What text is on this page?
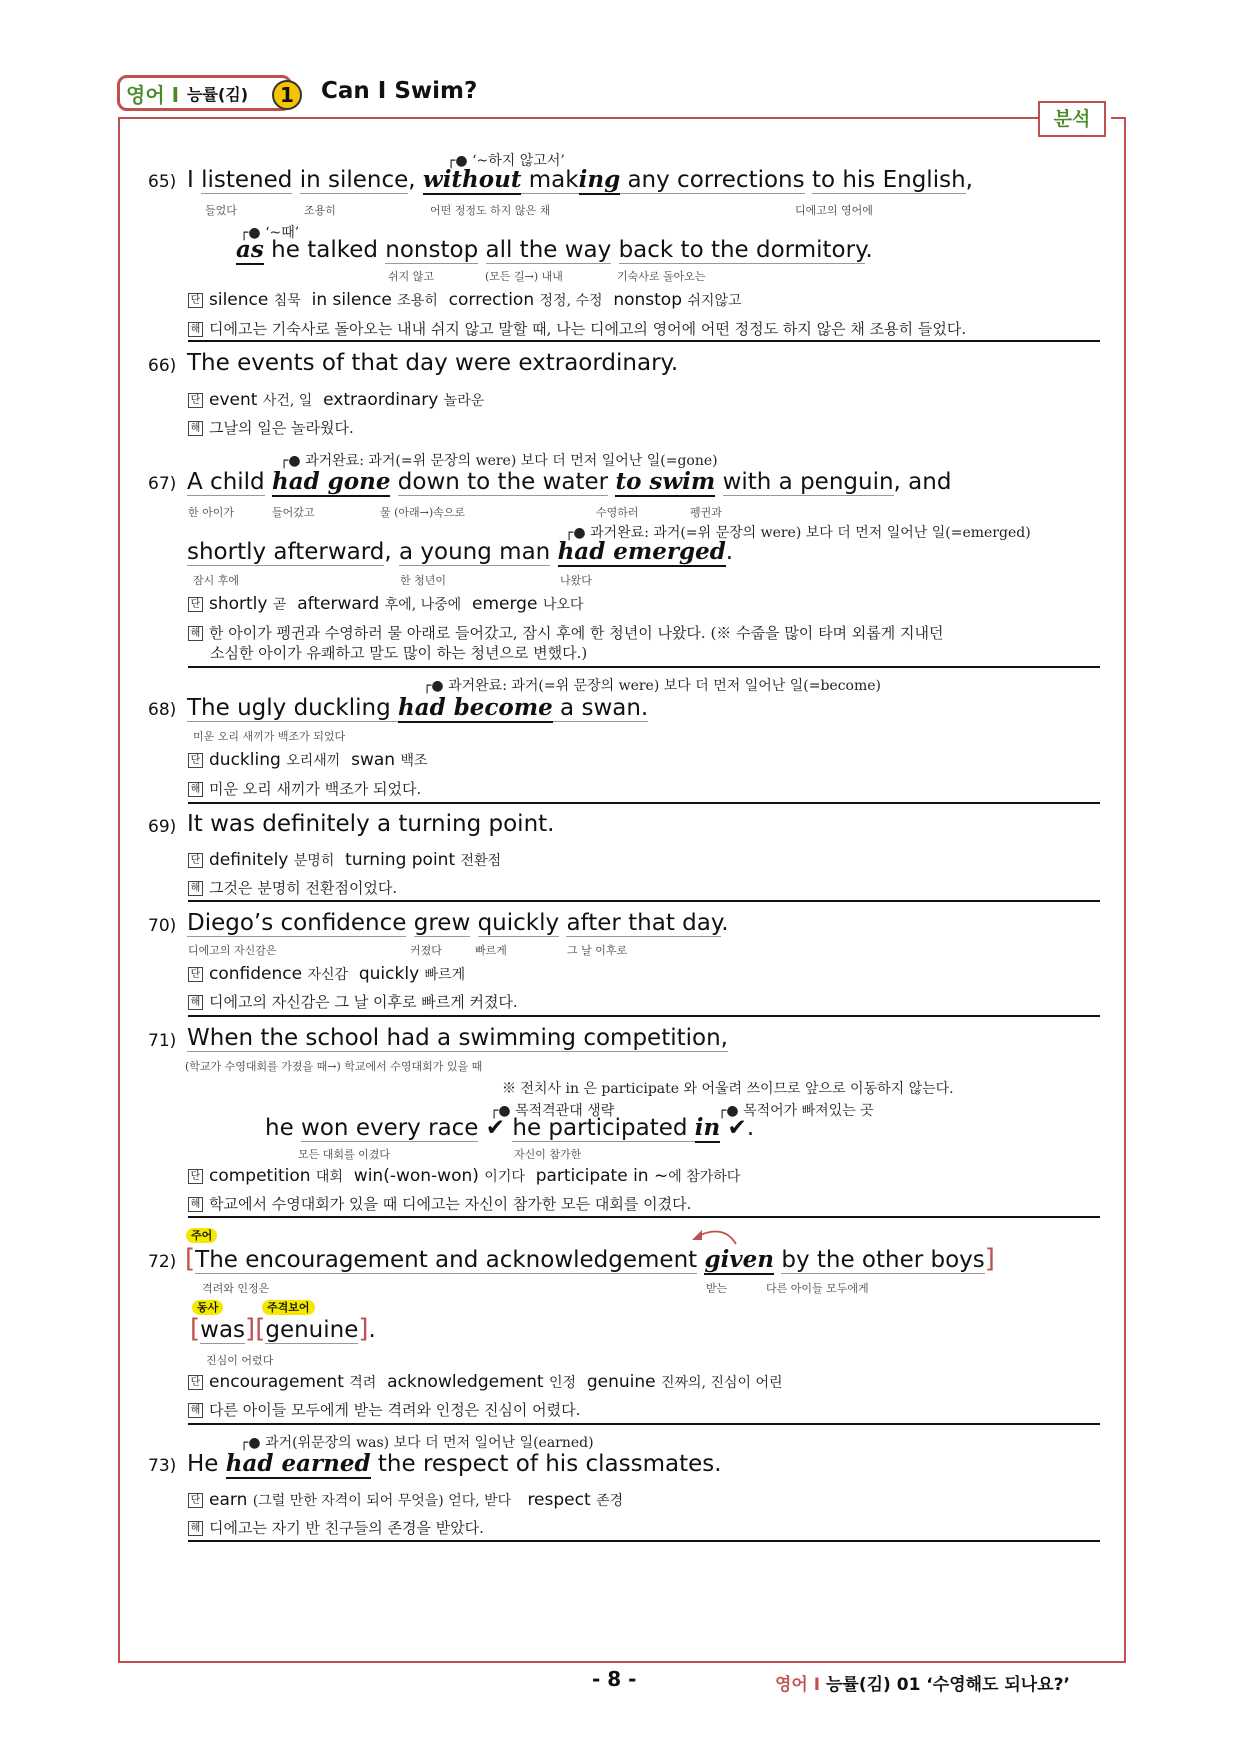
영어 I 능률(김)	1	Can I Swim?
분석
┌● ‘~하지 않고서’
65) I listened in silence, without making any corrections to his English,
들었다	조용히	어떤 정정도 하지 않은 채	디에고의 영어에
┌● ‘~때’
as he talked nonstop all the way back to the dormitory.
쉬지 않고	(모든 길→) 내내	기숙사로 돌아오는
단 silence 침묵 in silence 조용히 correction 정정, 수정 nonstop 쉬지않고
해 디에고는 기숙사로 돌아오는 내내 쉬지 않고 말할 때, 나는 디에고의 영어에 어떤 정정도 하지 않은 채 조용히 들었다.
66) The events of that day were extraordinary.
단 event 사건, 일 extraordinary 놀라운
해 그날의 일은 놀라웠다.
┌● 과거완료: 과거(=위 문장의 were) 보다 더 먼저 일어난 일(=gone)
67) A child had gone down to the water to swim with a penguin, and
한 아이가	들어갔고	물 (아래→)속으로	수영하러	펭귄과
┌● 과거완료: 과거(=위 문장의 were) 보다 더 먼저 일어난 일(=emerged)
shortly afterward, a young man had emerged.
잠시 후에	한 청년이	나왔다
단 shortly 곧 afterward 후에, 나중에 emerge 나오다
해 한 아이가 펭귄과 수영하러 물 아래로 들어갔고, 잠시 후에 한 청년이 나왔다. (※ 수줍을 많이 타며 외롭게 지내던
소심한 아이가 유쾌하고 말도 많이 하는 청년으로 변했다.)
┌● 과거완료: 과거(=위 문장의 were) 보다 더 먼저 일어난 일(=become)
68) The ugly duckling had become a swan.
미운 오리 새끼가 백조가 되었다
단 duckling 오리새끼 swan 백조
해 미운 오리 새끼가 백조가 되었다.
69) It was definitely a turning point.
단 definitely 분명히 turning point 전환점
해 그것은 분명히 전환점이었다.
70) Diego’s confidence grew quickly after that day.
디에고의 자신감은	커졌다	빠르게	그 날 이후로
단 confidence 자신감 quickly 빠르게
해 디에고의 자신감은 그 날 이후로 빠르게 커졌다.
71) When the school had a swimming competition,
(학교가 수영대회를 가졌을 때→) 학교에서 수영대회가 있을 때
※ 전치사 in 은 participate 와 어울려 쓰이므로 앞으로 이동하지 않는다.
┌● 목적격관대 생략	┌● 목적어가 빠져있는 곳
he won every race ✔ he participated in ✔.
모든 대회를 이겼다	자신이 참가한
단 competition 대회 win(-won-won) 이기다 participate in ~에 참가하다
해 학교에서 수영대회가 있을 때 디에고는 자신이 참가한 모든 대회를 이겼다.
주어
72) [The encouragement and acknowledgement given by the other boys]
격려와 인정은	받는	다른 아이들 모두에게
동사	주격보어
[was][genuine].
진심이 어렸다
단 encouragement 격려 acknowledgement 인정 genuine 진짜의, 진심이 어린
해 다른 아이들 모두에게 받는 격려와 인정은 진심이 어렸다.
┌● 과거(위문장의 was) 보다 더 먼저 일어난 일(earned)
73) He had earned the respect of his classmates.
단 earn (그럴 만한 자격이 되어 무엇을) 얻다, 받다 respect 존경
해 디에고는 자기 반 친구들의 존경을 받았다.
- 8 -	영어 I 능률(김) 01 ‘수영해도 되나요?’
